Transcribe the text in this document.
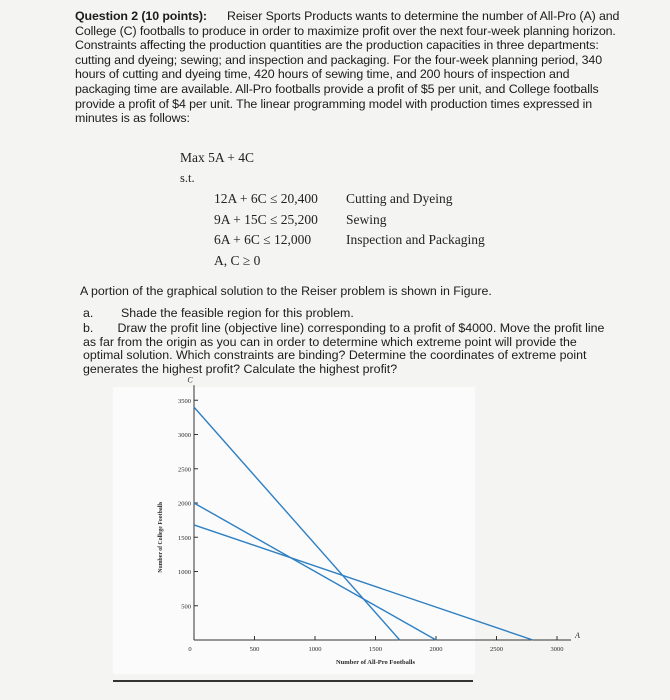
Question 2 (10 points): Reiser Sports Products wants to determine the number of All-Pro (A) and College (C) footballs to produce in order to maximize profit over the next four-week planning horizon. Constraints affecting the production quantities are the production capacities in three departments: cutting and dyeing; sewing; and inspection and packaging. For the four-week planning period, 340 hours of cutting and dyeing time, 420 hours of sewing time, and 200 hours of inspection and packaging time are available. All-Pro footballs provide a profit of $5 per unit, and College footballs provide a profit of $4 per unit. The linear programming model with production times expressed in minutes is as follows:
Max 5A + 4C
s.t.
12A + 6C ≤ 20,400	Cutting and Dyeing
9A + 15C ≤ 25,200	Sewing
6A + 6C ≤ 12,000	Inspection and Packaging
A, C ≥ 0
A portion of the graphical solution to the Reiser problem is shown in Figure.
a. Shade the feasible region for this problem.
b. Draw the profit line (objective line) corresponding to a profit of $4000. Move the profit line as far from the origin as you can in order to determine which extreme point will provide the optimal solution. Which constraints are binding? Determine the coordinates of extreme point generates the highest profit? Calculate the highest profit?
500
1000
1500
2000
2500
3000
3500
500	1000	1500	2000	2500	3000
0
C
A
Number of All-Pro Footballs
Number of College Footballs
